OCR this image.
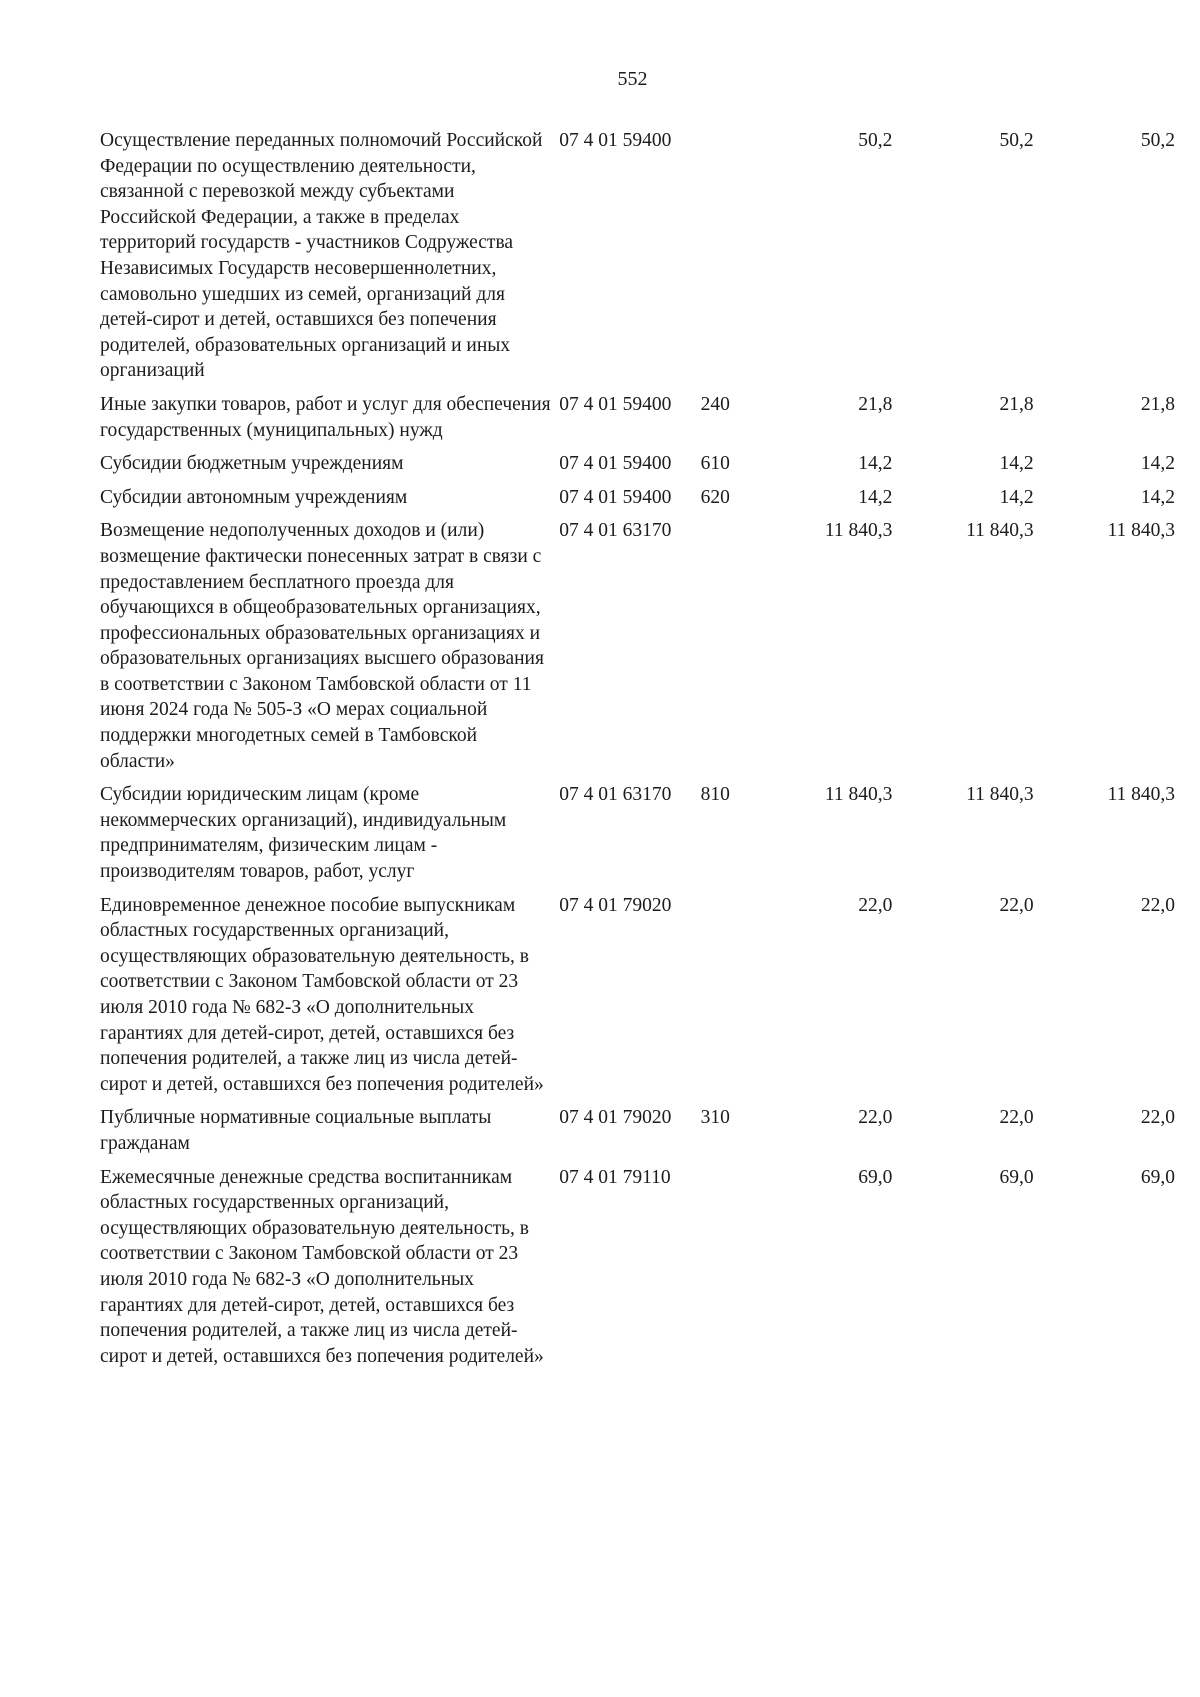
552
Осуществление переданных полномочий Российской Федерации по осуществлению деятельности, связанной с перевозкой между субъектами Российской Федерации, а также в пределах территорий государств - участников Содружества Независимых Государств несовершеннолетних, самовольно ушедших из семей, организаций для детей-сирот и детей, оставшихся без попечения родителей, образовательных организаций и иных организаций	07 4 01 59400		50,2	50,2	50,2
Иные закупки товаров, работ и услуг для обеспечения государственных (муниципальных) нужд	07 4 01 59400	240	21,8	21,8	21,8
Субсидии бюджетным учреждениям	07 4 01 59400	610	14,2	14,2	14,2
Субсидии автономным учреждениям	07 4 01 59400	620	14,2	14,2	14,2
Возмещение недополученных доходов и (или) возмещение фактически понесенных затрат в связи с предоставлением бесплатного проезда для обучающихся в общеобразовательных организациях, профессиональных образовательных организациях и образовательных организациях высшего образования в соответствии с Законом Тамбовской области от 11 июня 2024 года № 505-З «О мерах социальной поддержки многодетных семей в Тамбовской области»	07 4 01 63170		11 840,3	11 840,3	11 840,3
Субсидии юридическим лицам (кроме некоммерческих организаций), индивидуальным предпринимателям, физическим лицам - производителям товаров, работ, услуг	07 4 01 63170	810	11 840,3	11 840,3	11 840,3
Единовременное денежное пособие выпускникам областных государственных организаций, осуществляющих образовательную деятельность, в соответствии с Законом Тамбовской области от 23 июля 2010 года № 682-З «О дополнительных гарантиях для детей-сирот, детей, оставшихся без попечения родителей, а также лиц из числа детей-сирот и детей, оставшихся без попечения родителей»	07 4 01 79020		22,0	22,0	22,0
Публичные нормативные социальные выплаты гражданам	07 4 01 79020	310	22,0	22,0	22,0
Ежемесячные денежные средства воспитанникам областных государственных организаций, осуществляющих образовательную деятельность, в соответствии с Законом Тамбовской области от 23 июля 2010 года № 682-З «О дополнительных гарантиях для детей-сирот, детей, оставшихся без попечения родителей, а также лиц из числа детей-сирот и детей, оставшихся без попечения родителей»	07 4 01 79110		69,0	69,0	69,0
